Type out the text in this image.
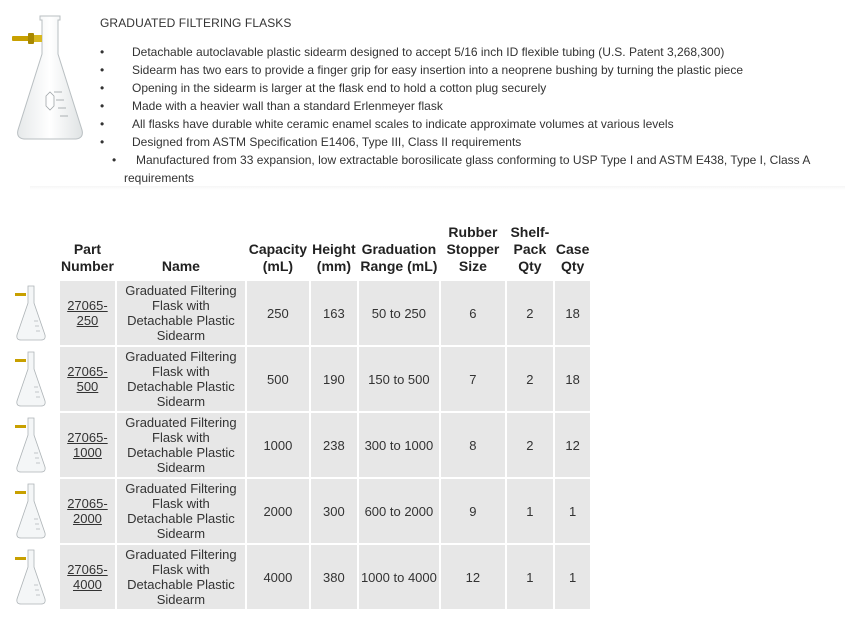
GRADUATED FILTERING FLASKS
• Detachable autoclavable plastic sidearm designed to accept 5/16 inch ID flexible tubing (U.S. Patent 3,268,300)
• Sidearm has two ears to provide a finger grip for easy insertion into a neoprene bushing by turning the plastic piece
• Opening in the sidearm is larger at the flask end to hold a cotton plug securely
• Made with a heavier wall than a standard Erlenmeyer flask
• All flasks have durable white ceramic enamel scales to indicate approximate volumes at various levels
• Designed from ASTM Specification E1406, Type III, Class II requirements
• Manufactured from 33 expansion, low extractable borosilicate glass conforming to USP Type I and ASTM E438, Type I, Class A requirements
	Part Number	Name	Capacity (mL)	Height (mm)	Graduation Range (mL)	Rubber Stopper Size	Shelf-Pack Qty	Case Qty

	27065-250	Graduated Filtering Flask with Detachable Plastic Sidearm	250	163	50 to 250	6	2	18

	27065-500	Graduated Filtering Flask with Detachable Plastic Sidearm	500	190	150 to 500	7	2	18

	27065-1000	Graduated Filtering Flask with Detachable Plastic Sidearm	1000	238	300 to 1000	8	2	12

	27065-2000	Graduated Filtering Flask with Detachable Plastic Sidearm	2000	300	600 to 2000	9	1	1

	27065-4000	Graduated Filtering Flask with Detachable Plastic Sidearm	4000	380	1000 to 4000	12	1	1
